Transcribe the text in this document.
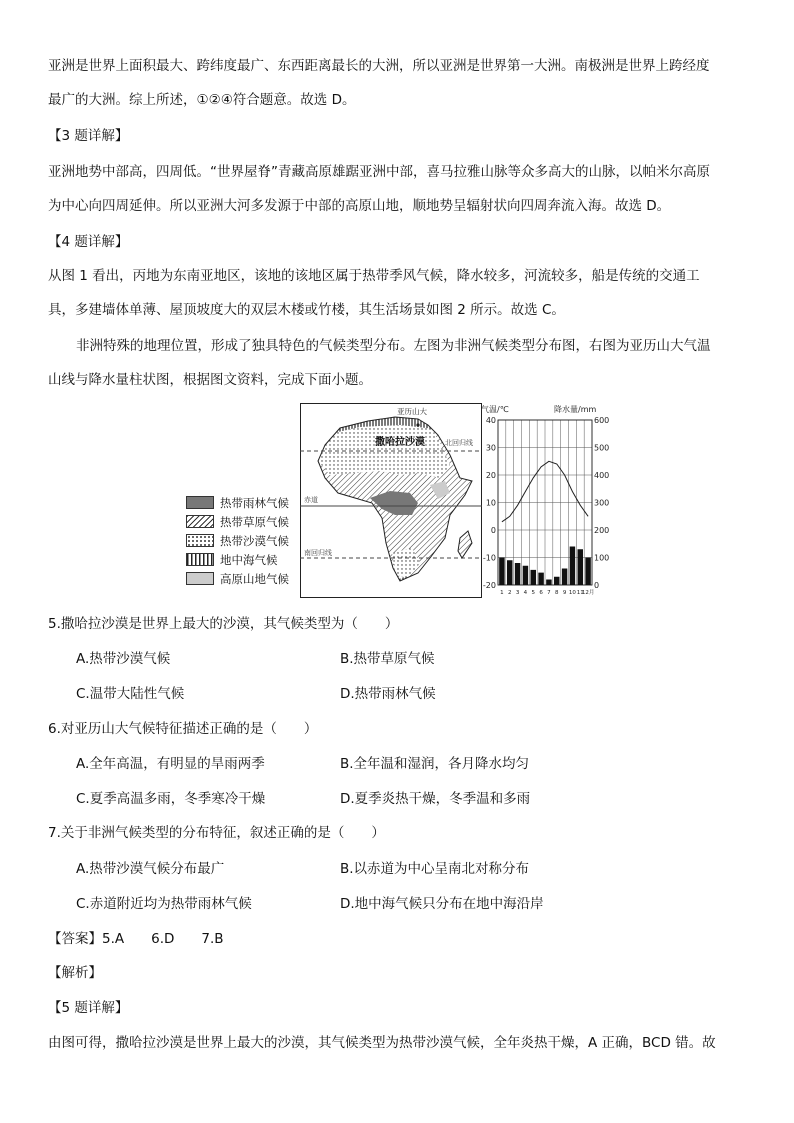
亚洲是世界上面积最大、跨纬度最广、东西距离最长的大洲，所以亚洲是世界第一大洲。南极洲是世界上跨经度
最广的大洲。综上所述，①②④符合题意。故选 D。
【3 题详解】
亚洲地势中部高，四周低。“世界屋脊”青藏高原雄踞亚洲中部，喜马拉雅山脉等众多高大的山脉，以帕米尔高原
为中心向四周延伸。所以亚洲大河多发源于中部的高原山地，顺地势呈辐射状向四周奔流入海。故选 D。
【4 题详解】
从图 1 看出，丙地为东南亚地区，该地的该地区属于热带季风气候，降水较多，河流较多，船是传统的交通工
具，多建墙体单薄、屋顶坡度大的双层木楼或竹楼，其生活场景如图 2 所示。故选 C。
非洲特殊的地理位置，形成了独具特色的气候类型分布。左图为非洲气候类型分布图，右图为亚历山大气温
山线与降水量柱状图，根据图文资料，完成下面小题。
热带雨林气候
热带草原气候
热带沙漠气候
地中海气候
高原山地气候
亚历山大
撒哈拉沙漠	北回归线
赤道
南回归线
气温/℃	降水量/mm
40
30
20
10
0
-10
-20
600
500
400
300
200
100
0
1 2 3 4 5 6 7 8 9 10 11
12月
5.撒哈拉沙漠是世界上最大的沙漠，其气候类型为（　　）
A.热带沙漠气候	B.热带草原气候
C.温带大陆性气候	D.热带雨林气候
6.对亚历山大气候特征描述正确的是（　　）
A.全年高温，有明显的旱雨两季	B.全年温和湿润，各月降水均匀
C.夏季高温多雨，冬季寒冷干燥	D.夏季炎热干燥，冬季温和多雨
7.关于非洲气候类型的分布特征，叙述正确的是（　　）
A.热带沙漠气候分布最广	B.以赤道为中心呈南北对称分布
C.赤道附近均为热带雨林气候	D.地中海气候只分布在地中海沿岸
【答案】5.A　　6.D　　7.B
【解析】
【5 题详解】
由图可得，撒哈拉沙漠是世界上最大的沙漠，其气候类型为热带沙漠气候，全年炎热干燥，A 正确，BCD 错。故
